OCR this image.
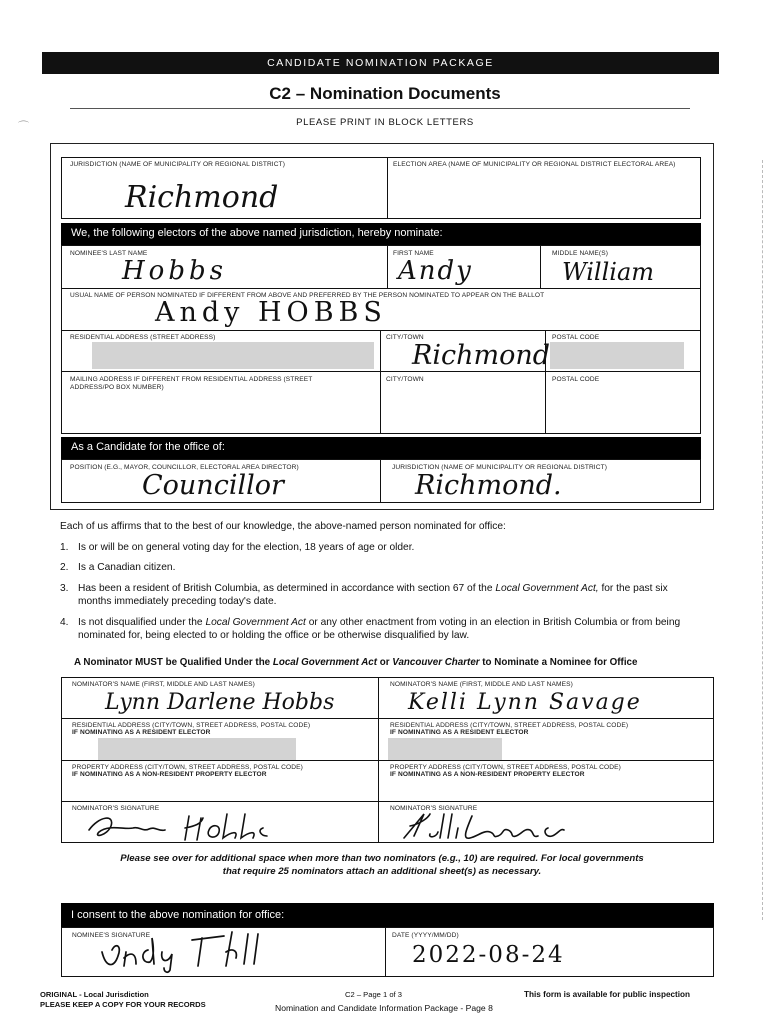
CANDIDATE NOMINATION PACKAGE
C2 – Nomination Documents
PLEASE PRINT IN BLOCK LETTERS
JURISDICTION (NAME OF MUNICIPALITY OR REGIONAL DISTRICT)
Richmond
ELECTION AREA (NAME OF MUNICIPALITY OR REGIONAL DISTRICT ELECTORAL AREA)
We, the following electors of the above named jurisdiction, hereby nominate:
NOMINEE'S LAST NAME
Hobbs
FIRST NAME
Andy
MIDDLE NAME(S)
William
USUAL NAME OF PERSON NOMINATED IF DIFFERENT FROM ABOVE AND PREFERRED BY THE PERSON NOMINATED TO APPEAR ON THE BALLOT
Andy HOBBS
RESIDENTIAL ADDRESS (STREET ADDRESS)	CITY/TOWN
Richmond
POSTAL CODE
MAILING ADDRESS IF DIFFERENT FROM RESIDENTIAL ADDRESS (STREET ADDRESS/PO BOX NUMBER)
CITY/TOWN	POSTAL CODE
As a Candidate for the office of:
POSITION (E.G., MAYOR, COUNCILLOR, ELECTORAL AREA DIRECTOR)
Councillor
JURISDICTION (NAME OF MUNICIPALITY OR REGIONAL DISTRICT)
Richmond.
Each of us affirms that to the best of our knowledge, the above-named person nominated for office:
1. Is or will be on general voting day for the election, 18 years of age or older.
2. Is a Canadian citizen.
3. Has been a resident of British Columbia, as determined in accordance with section 67 of the Local Government Act, for the past six months immediately preceding today's date.
4. Is not disqualified under the Local Government Act or any other enactment from voting in an election in British Columbia or from being nominated for, being elected to or holding the office or be otherwise disqualified by law.
A Nominator MUST be Qualified Under the Local Government Act or Vancouver Charter to Nominate a Nominee for Office
NOMINATOR'S NAME (FIRST, MIDDLE AND LAST NAMES)
Lynn Darlene Hobbs
RESIDENTIAL ADDRESS (CITY/TOWN, STREET ADDRESS, POSTAL CODE)
IF NOMINATING AS A RESIDENT ELECTOR
PROPERTY ADDRESS (CITY/TOWN, STREET ADDRESS, POSTAL CODE)
IF NOMINATING AS A NON-RESIDENT PROPERTY ELECTOR
NOMINATOR'S SIGNATURE
NOMINATOR'S NAME (FIRST, MIDDLE AND LAST NAMES)
Kelli Lynn Savage
RESIDENTIAL ADDRESS (CITY/TOWN, STREET ADDRESS, POSTAL CODE)
IF NOMINATING AS A RESIDENT ELECTOR
PROPERTY ADDRESS (CITY/TOWN, STREET ADDRESS, POSTAL CODE)
IF NOMINATING AS A NON-RESIDENT PROPERTY ELECTOR
NOMINATOR'S SIGNATURE
Please see over for additional space when more than two nominators (e.g., 10) are required. For local governments that require 25 nominators attach an additional sheet(s) as necessary.
I consent to the above nomination for office:
NOMINEE'S SIGNATURE	DATE (YYYY/MM/DD)
2022-08-24
ORIGINAL - Local Jurisdiction
PLEASE KEEP A COPY FOR YOUR RECORDS
C2 – Page 1 of 3
Nomination and Candidate Information Package - Page 8
This form is available for public inspection
⌒
